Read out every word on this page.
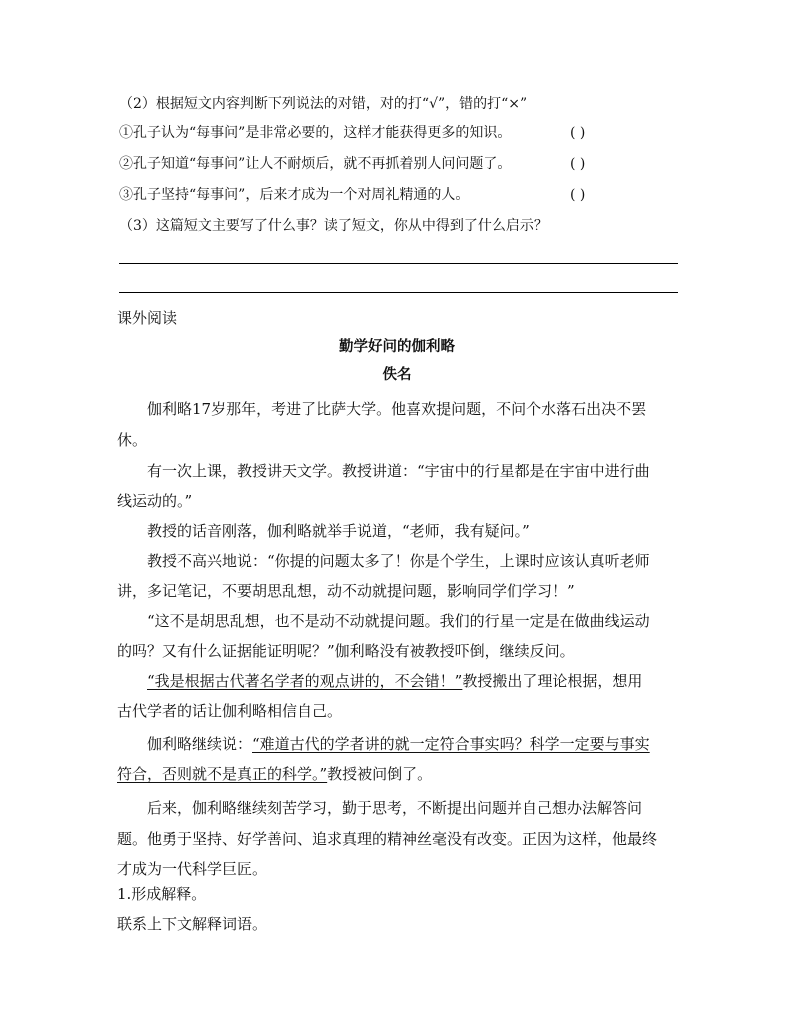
（2）根据短文内容判断下列说法的对错，对的打“√”，错的打“×”
①孔子认为“每事问”是非常必要的，这样才能获得更多的知识。	( )
②孔子知道“每事问”让人不耐烦后，就不再抓着别人问问题了。	( )
③孔子坚持“每事问”，后来才成为一个对周礼精通的人。	( )
（3）这篇短文主要写了什么事？读了短文，你从中得到了什么启示？
课外阅读
勤学好问的伽利略
佚名
伽利略17岁那年，考进了比萨大学。他喜欢提问题，不问个水落石出决不罢
休。
有一次上课，教授讲天文学。教授讲道：“宇宙中的行星都是在宇宙中进行曲
线运动的。”
教授的话音刚落，伽利略就举手说道，“老师，我有疑问。”
教授不高兴地说：“你提的问题太多了！你是个学生，上课时应该认真听老师
讲，多记笔记，不要胡思乱想，动不动就提问题，影响同学们学习！”
“这不是胡思乱想，也不是动不动就提问题。我们的行星一定是在做曲线运动
的吗？又有什么证据能证明呢？”伽利略没有被教授吓倒，继续反问。
“我是根据古代著名学者的观点讲的，不会错！”教授搬出了理论根据，想用
古代学者的话让伽利略相信自己。
伽利略继续说：“难道古代的学者讲的就一定符合事实吗？科学一定要与事实
符合，否则就不是真正的科学。”教授被问倒了。
后来，伽利略继续刻苦学习，勤于思考，不断提出问题并自己想办法解答问
题。他勇于坚持、好学善问、追求真理的精神丝毫没有改变。正因为这样，他最终
才成为一代科学巨匠。
1.形成解释。
联系上下文解释词语。
